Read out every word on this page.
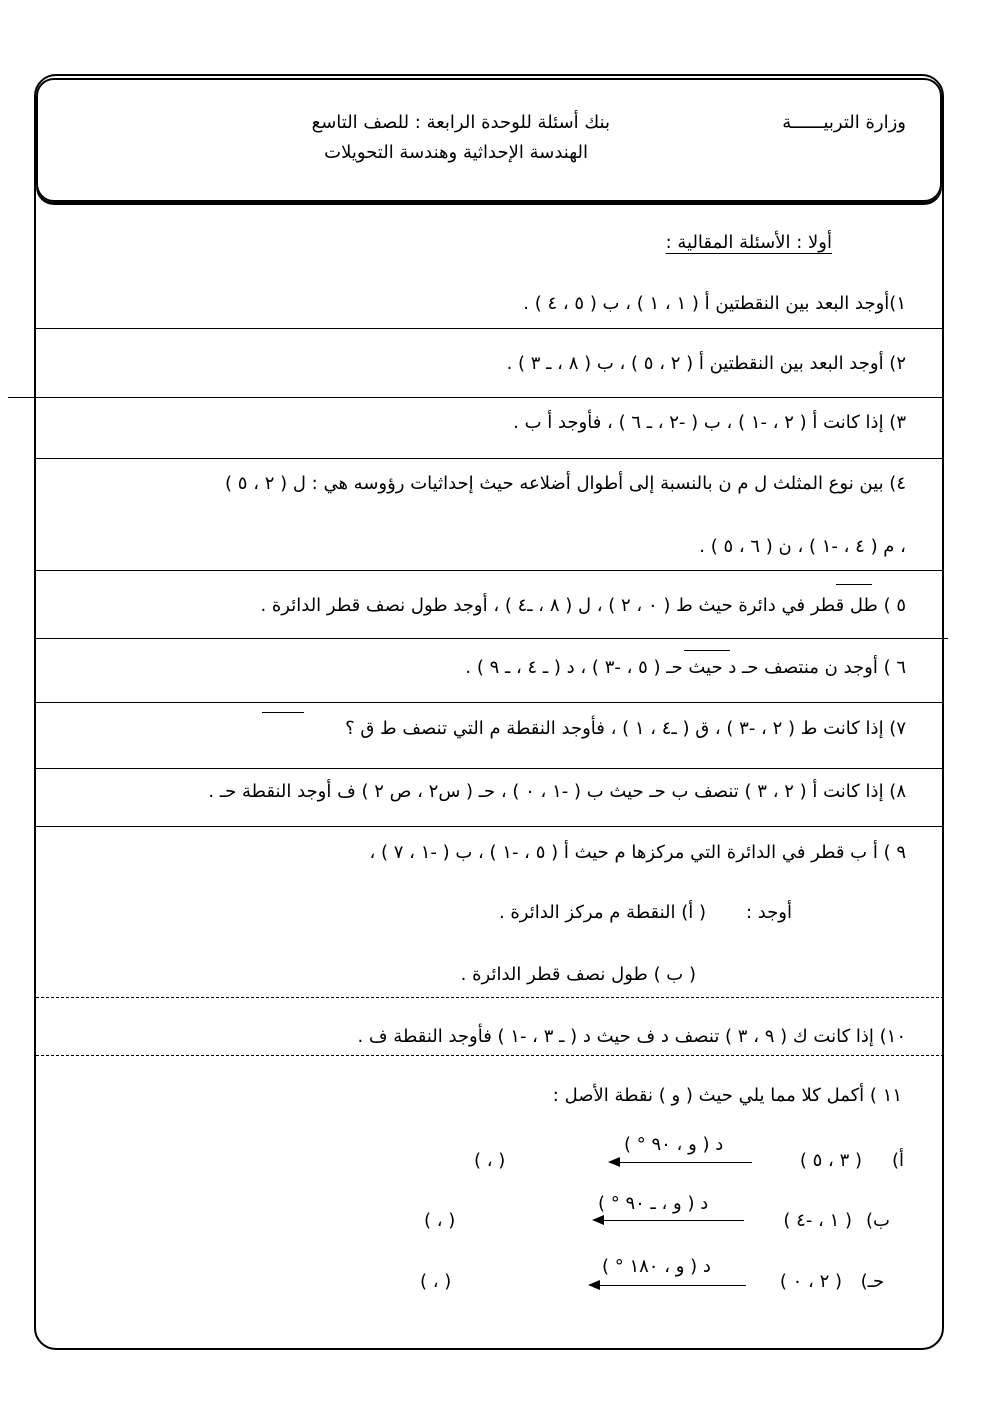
وزارة التربيــــــة
بنك أسئلة للوحدة الرابعة : للصف التاسع
الهندسة الإحداثية وهندسة التحويلات
أولا : الأسئلة المقالية :
١)أوجد البعد بين النقطتين أ ( ١ ، ١ ) ، ب ( ٥ ، ٤ ) .
٢) أوجد البعد بين النقطتين أ ( ٢ ، ٥ ) ، ب ( ٨ ، ـ ٣ ) .
٣) إذا كانت أ ( ٢ ، -١ ) ، ب ( -٢ ، ـ ٦ ) ، فأوجد أ ب .
٤) بين نوع المثلث ل م ن بالنسبة إلى أطوال أضلاعه حيث إحداثيات رؤوسه هي : ل ( ٢ ، ٥ )
، م ( ٤ ، -١ ) ، ن ( ٦ ، ٥ ) .
٥ ) طل قطر في دائرة حيث ط ( ٠ ، ٢ ) ، ل ( ٨ ، ـ٤ ) ، أوجد طول نصف قطر الدائرة .
٦ ) أوجد ن منتصف حـ د حيث حـ ( ٥ ، -٣ ) ، د ( ـ ٤ ، ـ ٩ ) .
٧) إذا كانت ط ( ٢ ، -٣ ) ، ق ( ـ٤ ، ١ ) ، فأوجد النقطة م التي تنصف ط ق ؟
٨) إذا كانت أ ( ٢ ، ٣ ) تنصف ب حـ حيث ب ( -١ ، ٠ ) ، حـ ( س٢ ، ص ٢ ) ف أوجد النقطة حـ .
٩ ) أ ب قطر في الدائرة التي مركزها م حيث أ ( ٥ ، -١ ) ، ب ( -١ ، ٧ ) ،
أوجد :
( أ) النقطة م مركز الدائرة .
( ب ) طول نصف قطر الدائرة .
١٠) إذا كانت ك ( ٩ ، ٣ ) تنصف د ف حيث د ( ـ ٣ ، -١ ) فأوجد النقطة ف .
١١ ) أكمل كلا مما يلي حيث ( و ) نقطة الأصل :
أ)
( ٣ ، ٥ )
د ( و ، ٩٠ ° )
( ، )
ب)
( ١ ، -٤ )
د ( و ، ـ ٩٠ ° )
( ، )
حـ)
( ٢ ، ٠ )
د ( و ، ١٨٠ ° )
( ، )
